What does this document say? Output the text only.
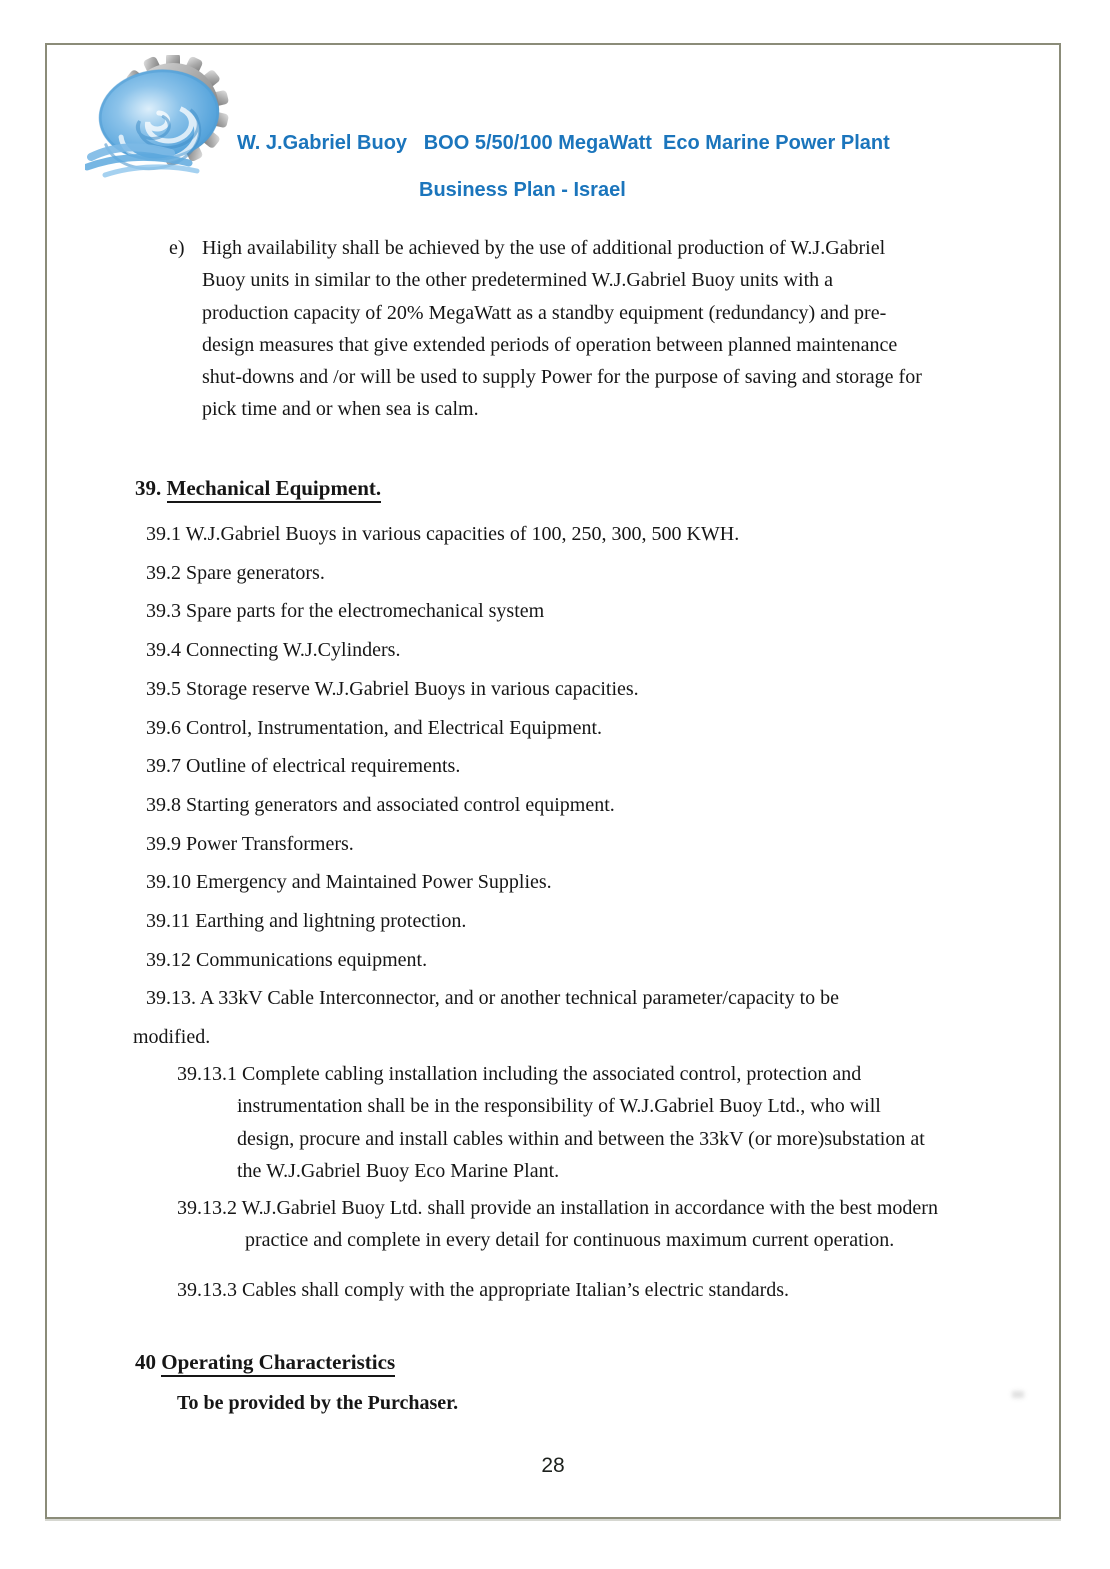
W. J.Gabriel Buoy   BOO 5/50/100 MegaWatt  Eco Marine Power Plant
Business Plan - Israel
e) High availability shall be achieved by the use of additional production of W.J.Gabriel
Buoy units in similar to the other predetermined W.J.Gabriel Buoy units with a
production capacity of 20% MegaWatt as a standby equipment (redundancy) and pre-
design measures that give extended periods of operation between planned maintenance
shut-downs and /or will be used to supply Power for the purpose of saving and storage for
pick time and or when sea is calm.
39. Mechanical Equipment.
39.1 W.J.Gabriel Buoys in various capacities of 100, 250, 300, 500 KWH.
39.2 Spare generators.
39.3 Spare parts for the electromechanical system
39.4 Connecting W.J.Cylinders.
39.5 Storage reserve W.J.Gabriel Buoys in various capacities.
39.6 Control, Instrumentation, and Electrical Equipment.
39.7 Outline of electrical requirements.
39.8 Starting generators and associated control equipment.
39.9 Power Transformers.
39.10 Emergency and Maintained Power Supplies.
39.11 Earthing and lightning protection.
39.12 Communications equipment.
39.13. A 33kV Cable Interconnector, and or another technical parameter/capacity to be
modified.
39.13.1 Complete cabling installation including the associated control, protection and
instrumentation shall be in the responsibility of W.J.Gabriel Buoy Ltd., who will
design, procure and install cables within and between the 33kV (or more)substation at
the W.J.Gabriel Buoy Eco Marine Plant.
39.13.2 W.J.Gabriel Buoy Ltd. shall provide an installation in accordance with the best modern
practice and complete in every detail for continuous maximum current operation.
39.13.3 Cables shall comply with the appropriate Italian’s electric standards.
40 Operating Characteristics
To be provided by the Purchaser.
28
